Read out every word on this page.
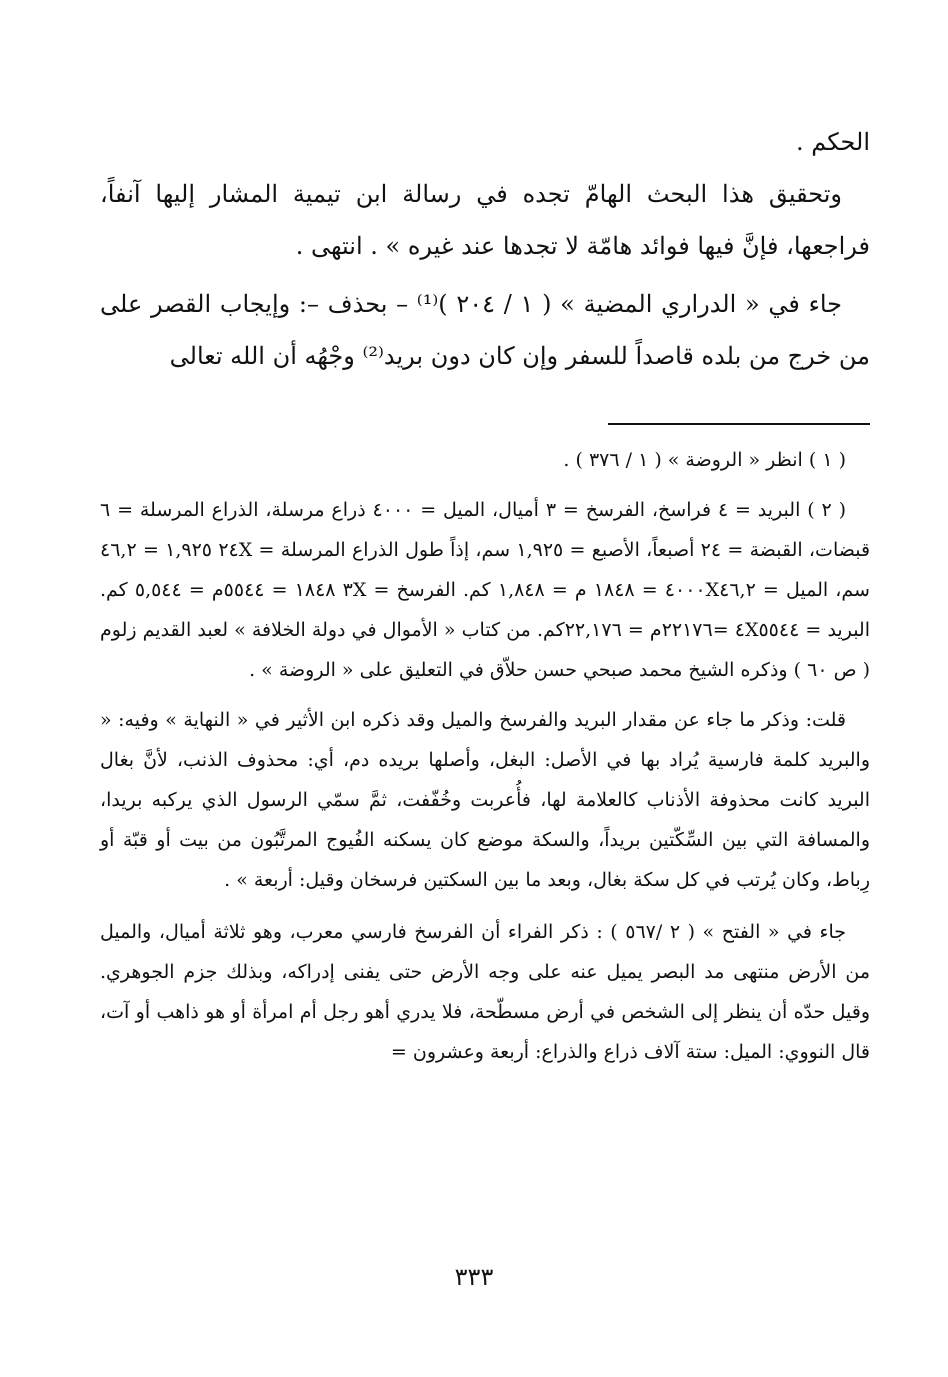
الحكم .

وتحقيق هذا البحث الهامّ تجده في رسالة ابن تيمية المشار إليها آنفاً، فراجعها، فإنَّ فيها فوائد هامّة لا تجدها عند غيره » . انتهى .

جاء في « الدراري المضية » ( ١ / ٢٠٤ )⁽¹⁾ – بحذف –: وإيجاب القصر على من خرج من بلده قاصداً للسفر وإن كان دون بريد⁽²⁾ وجْهُه أن الله تعالى

( ١ ) انظر « الروضة » ( ١ / ٣٧٦ ) .

( ٢ ) البريد = ٤ فراسخ، الفرسخ = ٣ أميال، الميل = ٤٠٠٠ ذراع مرسلة، الذراع المرسلة = ٦ قبضات، القبضة = ٢٤ أصبعاً، الأصبع = ١,٩٢٥ سم، إذاً طول الذراع المرسلة = ٢٤X ١,٩٢٥ = ٤٦,٢ سم، الميل = ٤٠٠٠X٤٦,٢ = ١٨٤٨ م = ١,٨٤٨ كم. الفرسخ = ٣X ١٨٤٨ = ٥٥٤٤م = ٥,٥٤٤ كم. البريد = ٤X٥٥٤٤ =٢٢١٧٦م = ٢٢,١٧٦كم. من كتاب « الأموال في دولة الخلافة » لعبد القديم زلوم ( ص ٦٠ ) وذكره الشيخ محمد صبحي حسن حلاّق في التعليق على « الروضة » .

قلت: وذكر ما جاء عن مقدار البريد والفرسخ والميل وقد ذكره ابن الأثير في « النهاية » وفيه: « والبريد كلمة فارسية يُراد بها في الأصل: البغل، وأصلها بريده دم، أي: محذوف الذنب، لأنَّ بغال البريد كانت محذوفة الأذناب كالعلامة لها، فأُعربت وخُفّفت، ثمَّ سمّي الرسول الذي يركبه بريدا، والمسافة التي بين السِّكّتين بريداً، والسكة موضع كان يسكنه الفُيوج المرتَّبُون من بيت أو قبّة أو رِباط، وكان يُرتب في كل سكة بغال، وبعد ما بين السكتين فرسخان وقيل: أربعة » .

جاء في « الفتح » ( ٢ /٥٦٧ ) : ذكر الفراء أن الفرسخ فارسي معرب، وهو ثلاثة أميال، والميل من الأرض منتهى مد البصر يميل عنه على وجه الأرض حتى يفنى إدراكه، وبذلك جزم الجوهري. وقيل حدّه أن ينظر إلى الشخص في أرض مسطّحة، فلا يدري أهو رجل أم امرأة أو هو ذاهب أو آت، قال النووي: الميل: ستة آلاف ذراع والذراع: أربعة وعشرون =

٣٣٣
